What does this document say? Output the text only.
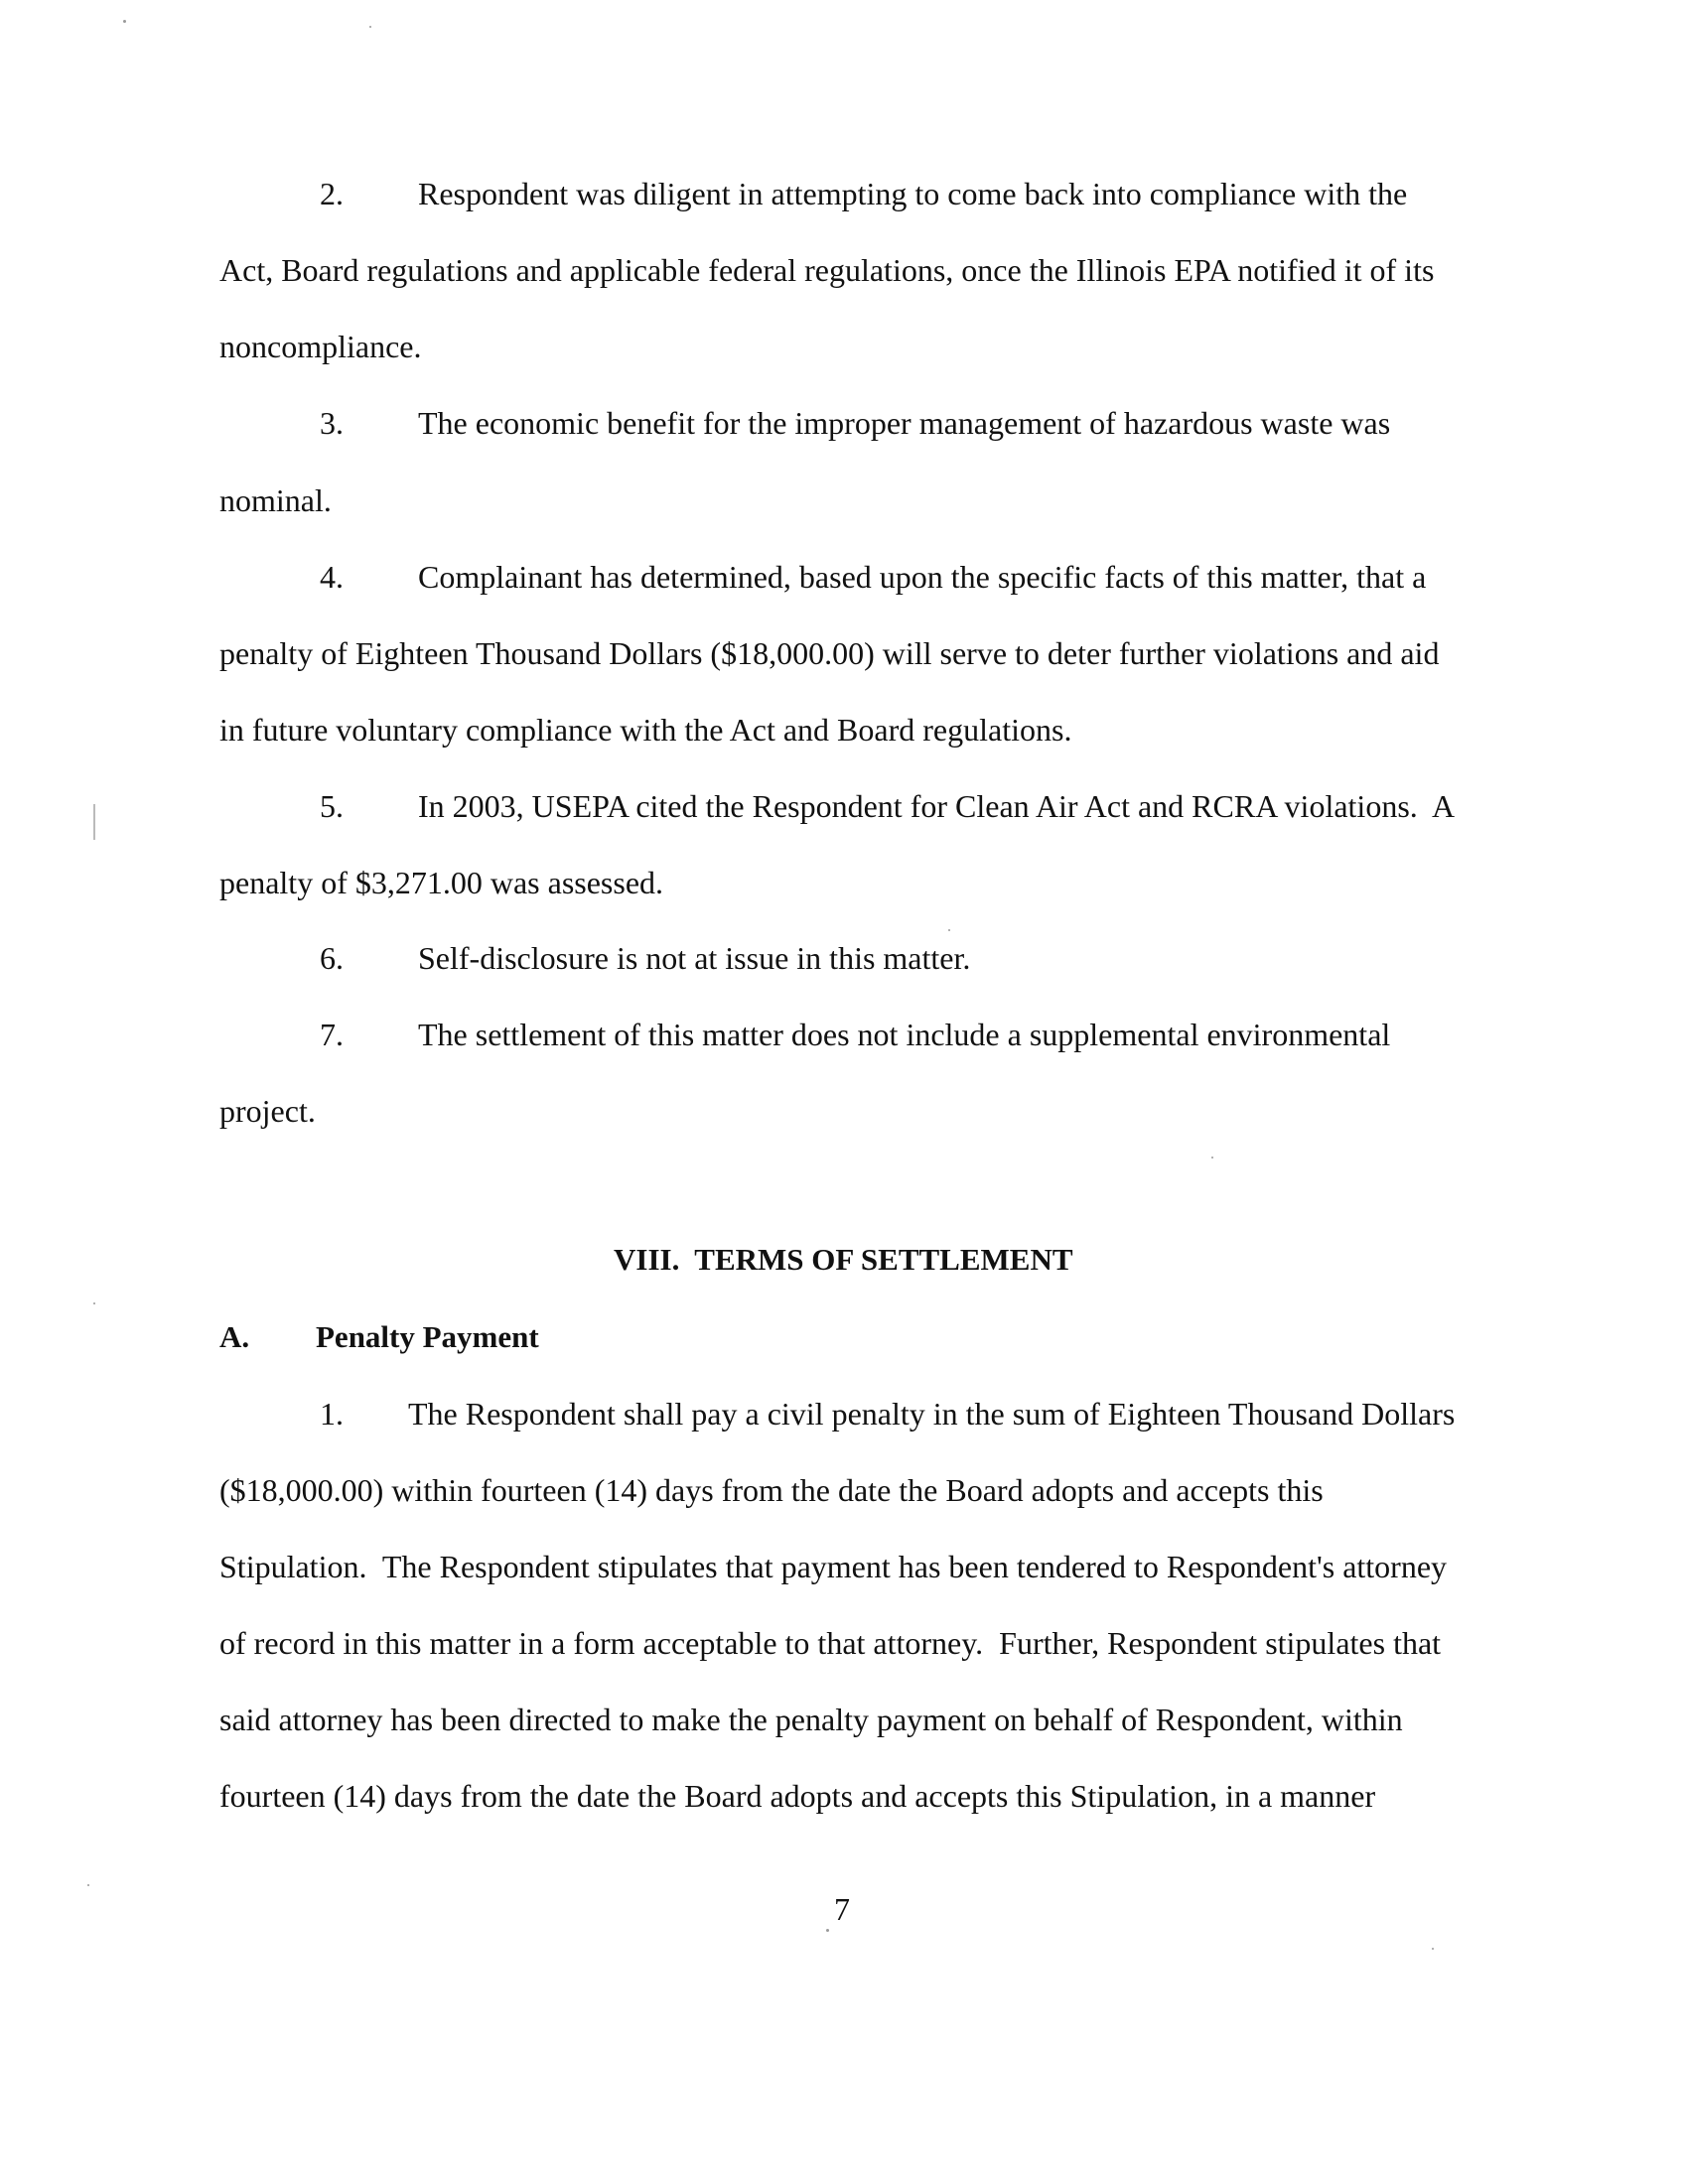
2. Respondent was diligent in attempting to come back into compliance with the
Act, Board regulations and applicable federal regulations, once the Illinois EPA notified it of its
noncompliance.
3. The economic benefit for the improper management of hazardous waste was
nominal.
4. Complainant has determined, based upon the specific facts of this matter, that a
penalty of Eighteen Thousand Dollars ($18,000.00) will serve to deter further violations and aid
in future voluntary compliance with the Act and Board regulations.
5. In 2003, USEPA cited the Respondent for Clean Air Act and RCRA violations.  A
penalty of $3,271.00 was assessed.
6. Self-disclosure is not at issue in this matter.
7. The settlement of this matter does not include a supplemental environmental
project.
VIII.  TERMS OF SETTLEMENT
A. Penalty Payment
1. The Respondent shall pay a civil penalty in the sum of Eighteen Thousand Dollars
($18,000.00) within fourteen (14) days from the date the Board adopts and accepts this
Stipulation.  The Respondent stipulates that payment has been tendered to Respondent's attorney
of record in this matter in a form acceptable to that attorney.  Further, Respondent stipulates that
said attorney has been directed to make the penalty payment on behalf of Respondent, within
fourteen (14) days from the date the Board adopts and accepts this Stipulation, in a manner
7
